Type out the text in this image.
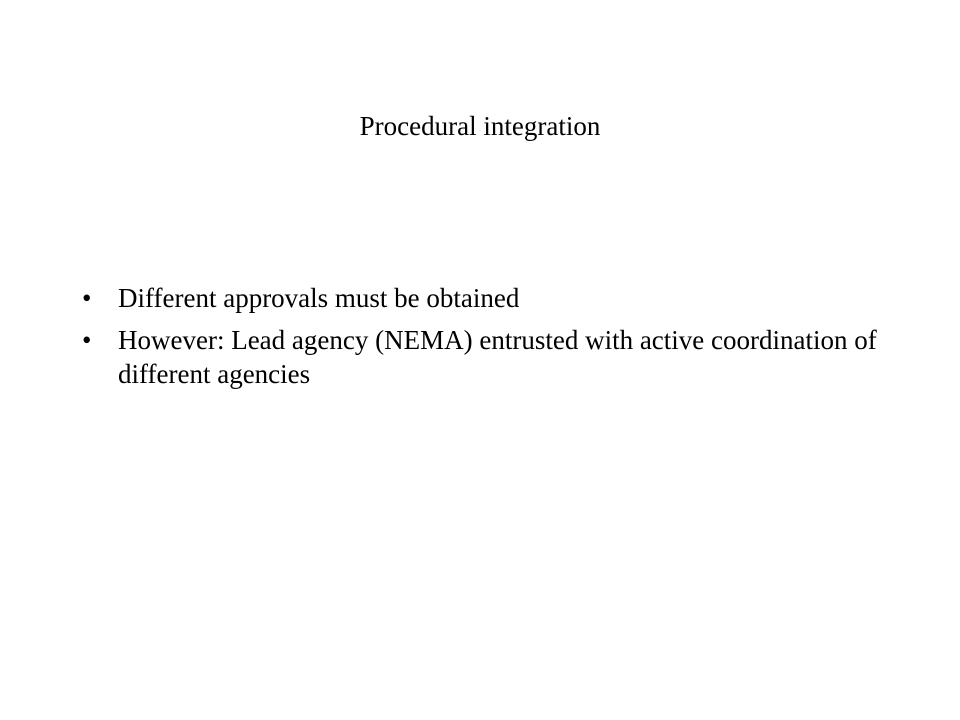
Procedural integration
• Different approvals must be obtained
• However: Lead agency (NEMA) entrusted with active coordination of different agencies
